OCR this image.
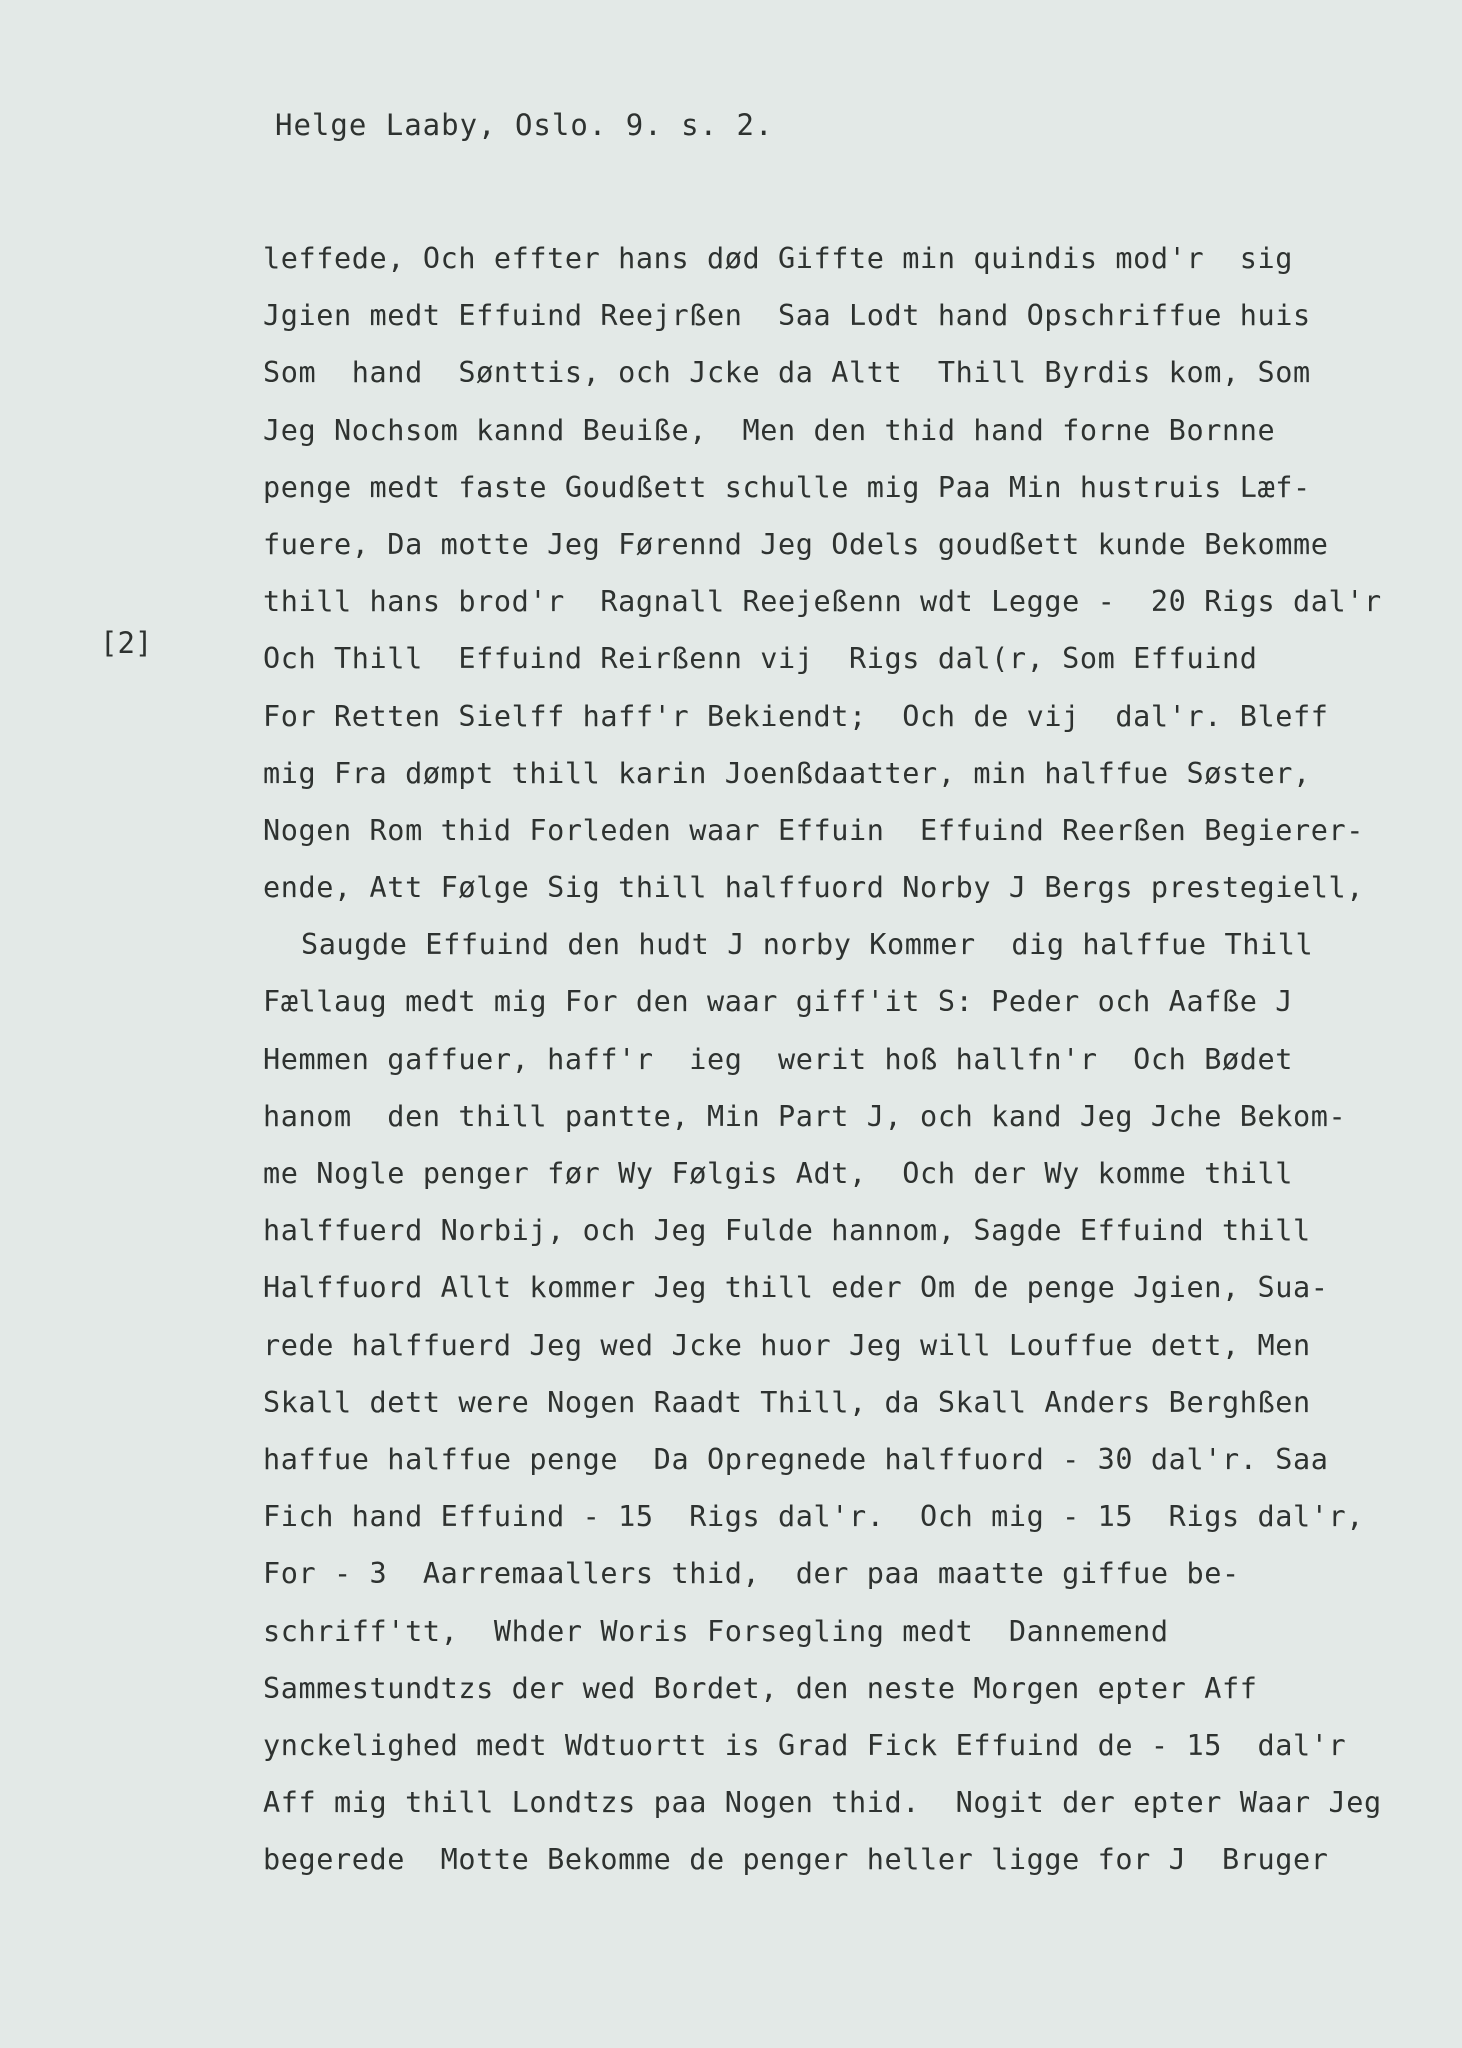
Helge Laaby, Oslo. 9. s. 2.
[2]
leffede, Och effter hans død Giffte min quindis mod'r  sig
Jgien medt Effuind Reejrßen  Saa Lodt hand Opschriffue huis
Som  hand  Sønttis, och Jcke da Altt  Thill Byrdis kom, Som
Jeg Nochsom kannd Beuiße,  Men den thid hand forne Bornne
penge medt faste Goudßett schulle mig Paa Min hustruis Læf-
fuere, Da motte Jeg Førennd Jeg Odels goudßett kunde Bekomme
thill hans brod'r  Ragnall Reejeßenn wdt Legge -  20 Rigs dal'r
Och Thill  Effuind Reirßenn vij  Rigs dal(r, Som Effuind
For Retten Sielff haff'r Bekiendt;  Och de vij  dal'r. Bleff
mig Fra dømpt thill karin Joenßdaatter, min halffue Søster,
Nogen Rom thid Forleden waar Effuin  Effuind Reerßen Begierer-
ende, Att Følge Sig thill halffuord Norby J Bergs prestegiell,
Saugde Effuind den hudt J norby Kommer  dig halffue Thill
Fællaug medt mig For den waar giff'it S: Peder och Aafße J
Hemmen gaffuer, haff'r  ieg  werit hoß hallfn'r  Och Bødet
hanom  den thill pantte, Min Part J, och kand Jeg Jche Bekom-
me Nogle penger før Wy Følgis Adt,  Och der Wy komme thill
halffuerd Norbij, och Jeg Fulde hannom, Sagde Effuind thill
Halffuord Allt kommer Jeg thill eder Om de penge Jgien, Sua-
rede halffuerd Jeg wed Jcke huor Jeg will Louffue dett, Men
Skall dett were Nogen Raadt Thill, da Skall Anders Berghßen
haffue halffue penge  Da Opregnede halffuord - 30 dal'r. Saa
Fich hand Effuind - 15  Rigs dal'r.  Och mig - 15  Rigs dal'r,
For - 3  Aarremaallers thid,  der paa maatte giffue be-
schriff'tt,  Whder Woris Forsegling medt  Dannemend
Sammestundtzs der wed Bordet, den neste Morgen epter Aff
ynckelighed medt Wdtuortt is Grad Fick Effuind de - 15  dal'r
Aff mig thill Londtzs paa Nogen thid.  Nogit der epter Waar Jeg
begerede  Motte Bekomme de penger heller ligge for J  Bruger
